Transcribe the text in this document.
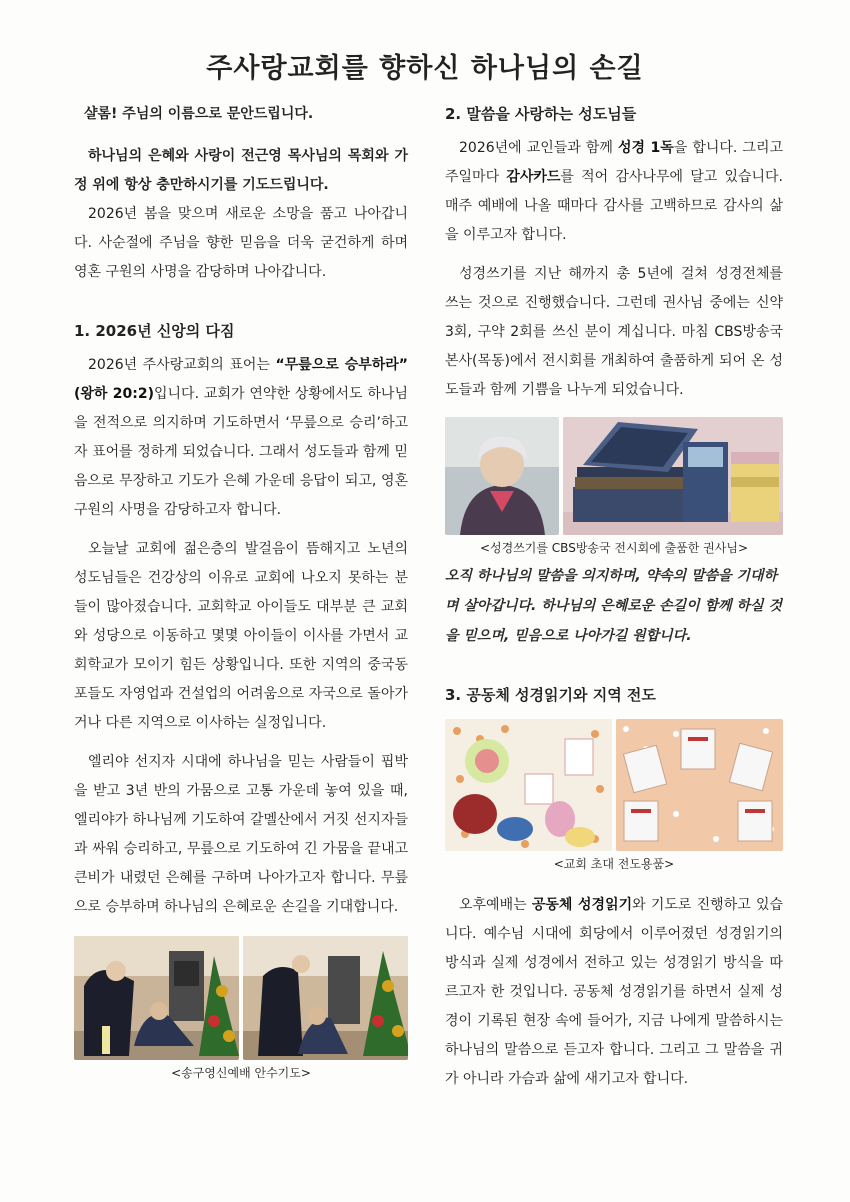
주사랑교회를 향하신 하나님의 손길

샬롬! 주님의 이름으로 문안드립니다.

하나님의 은혜와 사랑이 전근영 목사님의 목회와 가정 위에 항상 충만하시기를 기도드립니다.

2026년 봄을 맞으며 새로운 소망을 품고 나아갑니다. 사순절에 주님을 향한 믿음을 더욱 굳건하게 하며 영혼 구원의 사명을 감당하며 나아갑니다.

1. 2026년 신앙의 다짐

2026년 주사랑교회의 표어는 “무릎으로 승부하라” (왕하 20:2)입니다. 교회가 연약한 상황에서도 하나님을 전적으로 의지하며 기도하면서 ‘무릎으로 승리’하고자 표어를 정하게 되었습니다. 그래서 성도들과 함께 믿음으로 무장하고 기도가 은혜 가운데 응답이 되고, 영혼 구원의 사명을 감당하고자 합니다.

오늘날 교회에 젊은층의 발걸음이 뜸해지고 노년의 성도님들은 건강상의 이유로 교회에 나오지 못하는 분들이 많아졌습니다. 교회학교 아이들도 대부분 큰 교회와 성당으로 이동하고 몇몇 아이들이 이사를 가면서 교회학교가 모이기 힘든 상황입니다. 또한 지역의 중국동포들도 자영업과 건설업의 어려움으로 자국으로 돌아가거나 다른 지역으로 이사하는 실정입니다.

엘리야 선지자 시대에 하나님을 믿는 사람들이 핍박을 받고 3년 반의 가뭄으로 고통 가운데 놓여 있을 때, 엘리야가 하나님께 기도하여 갈멜산에서 거짓 선지자들과 싸워 승리하고, 무릎으로 기도하여 긴 가뭄을 끝내고 큰비가 내렸던 은혜를 구하며 나아가고자 합니다. 무릎으로 승부하며 하나님의 은혜로운 손길을 기대합니다.

<송구영신예배 안수기도>
2. 말씀을 사랑하는 성도님들

2026년에 교인들과 함께 성경 1독을 합니다. 그리고 주일마다 감사카드를 적어 감사나무에 달고 있습니다. 매주 예배에 나올 때마다 감사를 고백하므로 감사의 삶을 이루고자 합니다.

성경쓰기를 지난 해까지 총 5년에 걸쳐 성경전체를 쓰는 것으로 진행했습니다. 그런데 권사님 중에는 신약 3회, 구약 2회를 쓰신 분이 계십니다. 마침 CBS방송국 본사(목동)에서 전시회를 개최하여 출품하게 되어 온 성도들과 함께 기쁨을 나누게 되었습니다.

<성경쓰기를 CBS방송국 전시회에 출품한 권사님>

오직 하나님의 말씀을 의지하며, 약속의 말씀을 기대하며 살아갑니다. 하나님의 은혜로운 손길이 함께 하실 것을 믿으며, 믿음으로 나아가길 원합니다.

3. 공동체 성경읽기와 지역 전도
<교회 초대 전도용품>

오후예배는 공동체 성경읽기와 기도로 진행하고 있습니다. 예수님 시대에 회당에서 이루어졌던 성경읽기의 방식과 실제 성경에서 전하고 있는 성경읽기 방식을 따르고자 한 것입니다. 공동체 성경읽기를 하면서 실제 성경이 기록된 현장 속에 들어가, 지금 나에게 말씀하시는 하나님의 말씀으로 듣고자 합니다. 그리고 그 말씀을 귀가 아니라 가슴과 삶에 새기고자 합니다.
